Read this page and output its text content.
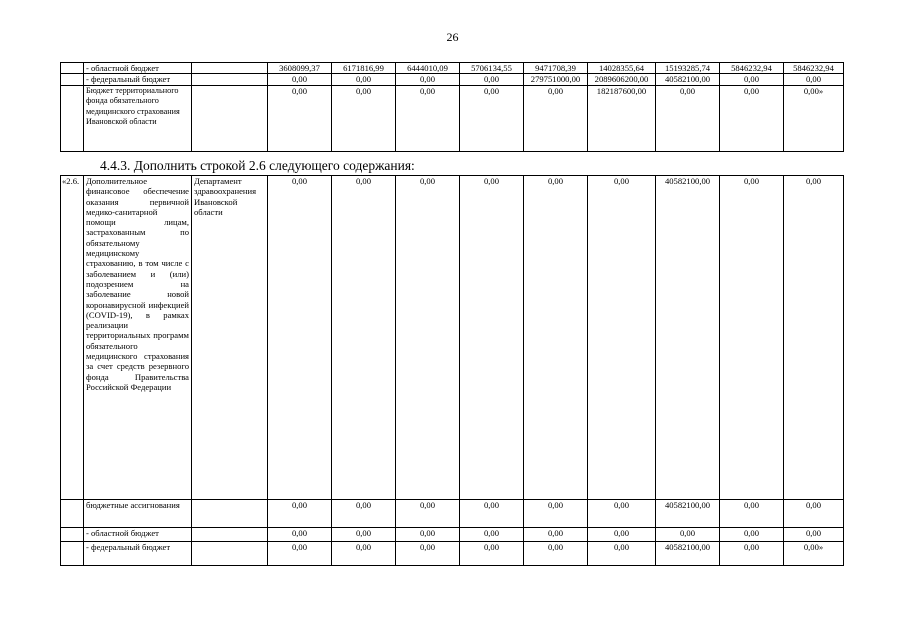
26
	- областной бюджет		3608099,37	6171816,99	6444010,09	5706134,55	9471708,39	14028355,64	15193285,74	5846232,94	5846232,94
	- федеральный бюджет		0,00	0,00	0,00	0,00	279751000,00	2089606200,00	40582100,00	0,00	0,00
	Бюджет территориального фонда обязательного медицинского страхования Ивановской области		0,00	0,00	0,00	0,00	0,00	182187600,00	0,00	0,00	0,00»
4.4.3. Дополнить строкой 2.6 следующего содержания:
«2.6.	Дополнительное финансовое обеспечение оказания первичной медико-санитарной помощи лицам, застрахованным по обязательному медицинскому страхованию, в том числе с заболеванием и (или) подозрением на заболевание новой коронавирусной инфекцией (COVID-19), в рамках реализации территориальных программ обязательного медицинского страхования за счет средств резервного фонда Правительства Российской Федерации	Департамент здравоохранения Ивановской области	0,00	0,00	0,00	0,00	0,00	0,00	40582100,00	0,00	0,00
	бюджетные ассигнования		0,00	0,00	0,00	0,00	0,00	0,00	40582100,00	0,00	0,00
	- областной бюджет		0,00	0,00	0,00	0,00	0,00	0,00	0,00	0,00	0,00
	- федеральный бюджет		0,00	0,00	0,00	0,00	0,00	0,00	40582100,00	0,00	0,00»
